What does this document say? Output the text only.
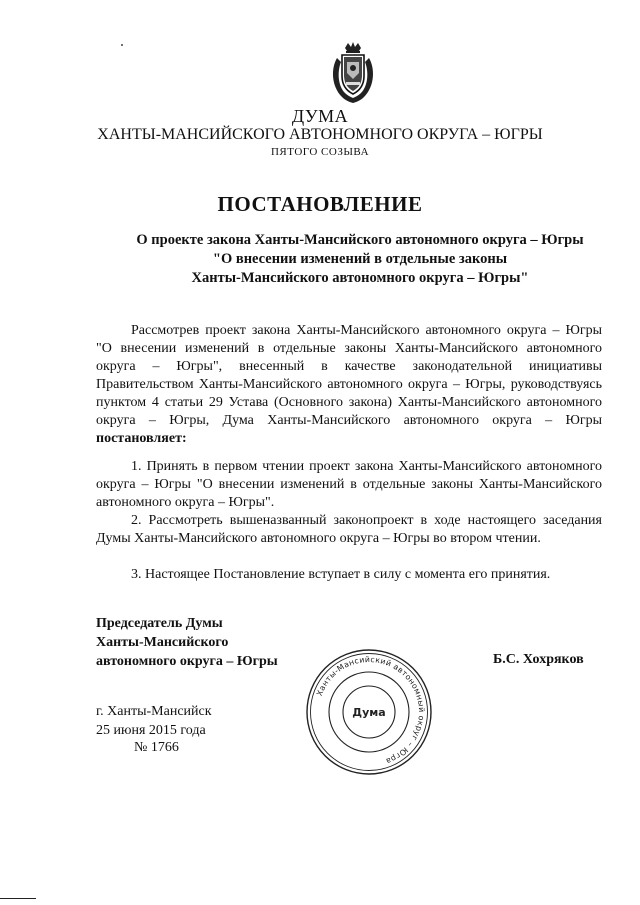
ДУМА
ХАНТЫ-МАНСИЙСКОГО АВТОНОМНОГО ОКРУГА – ЮГРЫ
ПЯТОГО СОЗЫВА
ПОСТАНОВЛЕНИЕ
О проекте закона Ханты-Мансийского автономного округа – Югры
"О внесении изменений в отдельные законы
Ханты-Мансийского автономного округа – Югры"
Рассмотрев проект закона Ханты-Мансийского автономного округа – Югры "О внесении изменений в отдельные законы Ханты-Мансийского автономного округа – Югры", внесенный в качестве законодательной инициативы Правительством Ханты-Мансийского автономного округа – Югры, руководствуясь пунктом 4 статьи 29 Устава (Основного закона) Ханты-Мансийского автономного округа – Югры, Дума Ханты-Мансийского автономного округа – Югры постановляет:
1. Принять в первом чтении проект закона Ханты-Мансийского автономного округа – Югры "О внесении изменений в отдельные законы Ханты-Мансийского автономного округа – Югры".
2. Рассмотреть вышеназванный законопроект в ходе настоящего заседания Думы Ханты-Мансийского автономного округа – Югры во втором чтении.
3. Настоящее Постановление вступает в силу с момента его принятия.
Председатель Думы
Ханты-Мансийского
автономного округа – Югры	Б.С. Хохряков
Ханты-Мансийский автономный округ – Югра
Дума
г. Ханты-Мансийск
25 июня 2015 года
№ 1766
